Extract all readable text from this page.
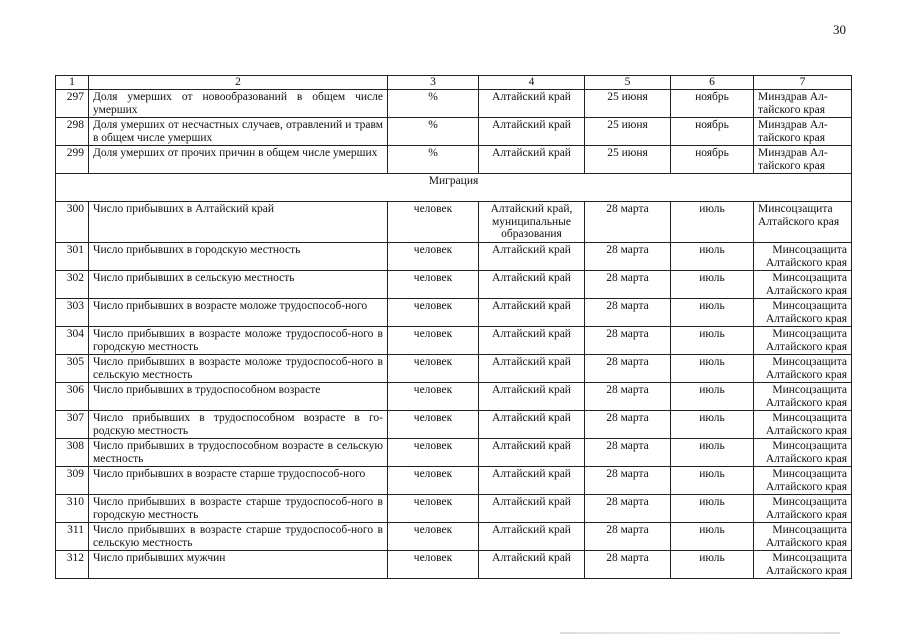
30
1	2	3	4	5	6	7
297	Доля умерших от новообразований в общем числе умерших	%	Алтайский край	25 июня	ноябрь	Минздрав Ал-
тайского края
298	Доля умерших от несчастных случаев, отравлений и травм в общем числе умерших	%	Алтайский край	25 июня	ноябрь	Минздрав Ал-
тайского края
299	Доля умерших от прочих причин в общем числе умерших	%	Алтайский край	25 июня	ноябрь	Минздрав Ал-
тайского края
Миграция						
300	Число прибывших в Алтайский край	человек	Алтайский край, муниципальные образования	28 марта	июль	Минсоцзащита
Алтайского края
301	Число прибывших в городскую местность	человек	Алтайский край	28 марта	июль	Минсоцзащита
Алтайского края

302	Число прибывших в сельскую местность	человек	Алтайский край	28 марта	июль	Минсоцзащита
Алтайского края

303	Число прибывших в возрасте моложе трудоспособ-ного	человек	Алтайский край	28 марта	июль	Минсоцзащита
Алтайского края

304	Число прибывших в возрасте моложе трудоспособ-ного в городскую местность	человек	Алтайский край	28 марта	июль	Минсоцзащита
Алтайского края

305	Число прибывших в возрасте моложе трудоспособ-ного в сельскую местность	человек	Алтайский край	28 марта	июль	Минсоцзащита
Алтайского края

306	Число прибывших в трудоспособном возрасте	человек	Алтайский край	28 марта	июль	Минсоцзащита
Алтайского края

307	Число прибывших в трудоспособном возрасте в го-родскую местность	человек	Алтайский край	28 марта	июль	Минсоцзащита
Алтайского края

308	Число прибывших в трудоспособном возрасте в сельскую местность	человек	Алтайский край	28 марта	июль	Минсоцзащита
Алтайского края

309	Число прибывших в возрасте старше трудоспособ-ного	человек	Алтайский край	28 марта	июль	Минсоцзащита
Алтайского края

310	Число прибывших в возрасте старше трудоспособ-ного в городскую местность	человек	Алтайский край	28 марта	июль	Минсоцзащита
Алтайского края

311	Число прибывших в возрасте старше трудоспособ-ного в сельскую местность	человек	Алтайский край	28 марта	июль	Минсоцзащита
Алтайского края

312	Число прибывших мужчин	человек	Алтайский край	28 марта	июль	Минсоцзащита
Алтайского края
